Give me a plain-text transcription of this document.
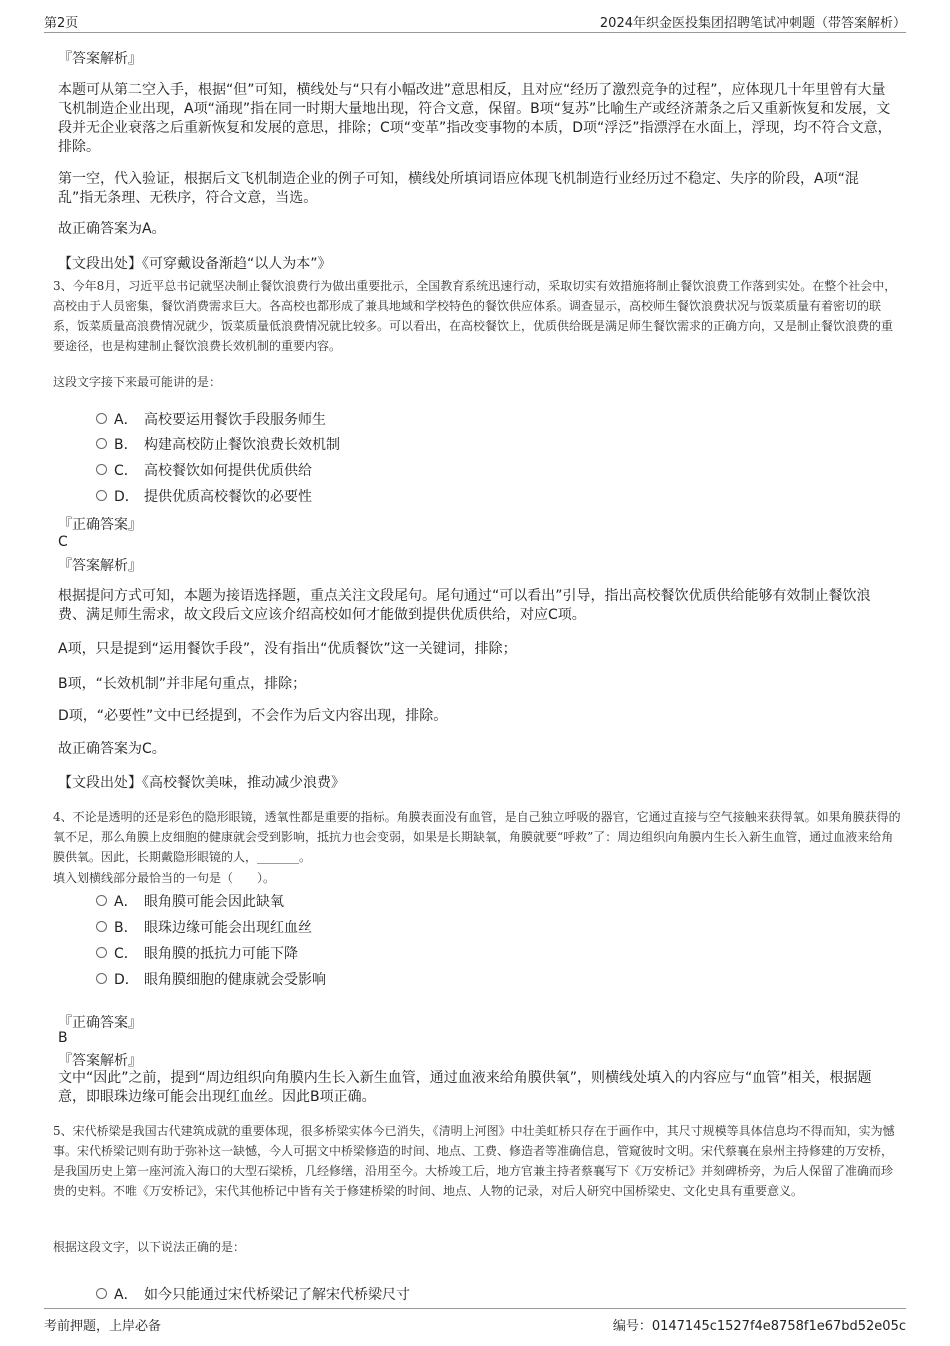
第2页	2024年织金医投集团招聘笔试冲刺题（带答案解析）
『答案解析』
本题可从第二空入手，根据“但”可知，横线处与“只有小幅改进”意思相反，且对应“经历了激烈竞争的过程”，应体现几十年里曾有大量飞机制造企业出现，A项“涌现”指在同一时期大量地出现，符合文意，保留。B项“复苏”比喻生产或经济萧条之后又重新恢复和发展，文段并无企业衰落之后重新恢复和发展的意思，排除；C项“变革”指改变事物的本质，D项“浮泛”指漂浮在水面上，浮现，均不符合文意，排除。
第一空，代入验证，根据后文飞机制造企业的例子可知，横线处所填词语应体现飞机制造行业经历过不稳定、失序的阶段，A项“混乱”指无条理、无秩序，符合文意，当选。
故正确答案为A。
【文段出处】《可穿戴设备渐趋“以人为本”》
3、今年8月，习近平总书记就坚决制止餐饮浪费行为做出重要批示，全国教育系统迅速行动，采取切实有效措施将制止餐饮浪费工作落到实处。在整个社会中，高校由于人员密集，餐饮消费需求巨大。各高校也都形成了兼具地域和学校特色的餐饮供应体系。调查显示，高校师生餐饮浪费状况与饭菜质量有着密切的联系，饭菜质量高浪费情况就少，饭菜质量低浪费情况就比较多。可以看出，在高校餐饮上，优质供给既是满足师生餐饮需求的正确方向，又是制止餐饮浪费的重要途径，也是构建制止餐饮浪费长效机制的重要内容。
这段文字接下来最可能讲的是：
A． 高校要运用餐饮手段服务师生
B． 构建高校防止餐饮浪费长效机制
C． 高校餐饮如何提供优质供给
D． 提供优质高校餐饮的必要性
『正确答案』
C
『答案解析』
根据提问方式可知，本题为接语选择题，重点关注文段尾句。尾句通过“可以看出”引导，指出高校餐饮优质供给能够有效制止餐饮浪费、满足师生需求，故文段后文应该介绍高校如何才能做到提供优质供给，对应C项。
A项，只是提到“运用餐饮手段”，没有指出“优质餐饮”这一关键词，排除；
B项，“长效机制”并非尾句重点，排除；
D项，“必要性”文中已经提到，不会作为后文内容出现，排除。
故正确答案为C。
【文段出处】《高校餐饮美味，推动减少浪费》
4、不论是透明的还是彩色的隐形眼镜，透氧性都是重要的指标。角膜表面没有血管，是自己独立呼吸的器官，它通过直接与空气接触来获得氧。如果角膜获得的氧不足，那么角膜上皮细胞的健康就会受到影响，抵抗力也会变弱，如果是长期缺氧，角膜就要“呼救”了：周边组织向角膜内生长入新生血管，通过血液来给角膜供氧。因此，长期戴隐形眼镜的人，_______。
填入划横线部分最恰当的一句是（　　）。
A． 眼角膜可能会因此缺氧
B． 眼珠边缘可能会出现红血丝
C． 眼角膜的抵抗力可能下降
D． 眼角膜细胞的健康就会受影响
『正确答案』
B
『答案解析』
文中“因此”之前，提到“周边组织向角膜内生长入新生血管，通过血液来给角膜供氧”，则横线处填入的内容应与“血管”相关，根据题意，即眼珠边缘可能会出现红血丝。因此B项正确。
5、宋代桥梁是我国古代建筑成就的重要体现，很多桥梁实体今已消失，《清明上河图》中壮美虹桥只存在于画作中，其尺寸规模等具体信息均不得而知，实为憾事。宋代桥梁记则有助于弥补这一缺憾，今人可据文中桥梁修造的时间、地点、工费、修造者等准确信息，管窥彼时文明。宋代蔡襄在泉州主持修建的万安桥，是我国历史上第一座河流入海口的大型石梁桥，几经修缮，沿用至今。大桥竣工后，地方官兼主持者蔡襄写下《万安桥记》并刻碑桥旁，为后人保留了准确而珍贵的史料。不唯《万安桥记》，宋代其他桥记中皆有关于修建桥梁的时间、地点、人物的记录，对后人研究中国桥梁史、文化史具有重要意义。
根据这段文字，以下说法正确的是：
A． 如今只能通过宋代桥梁记了解宋代桥梁尺寸
考前押题，上岸必备	编号：0147145c1527f4e8758f1e67bd52e05c
